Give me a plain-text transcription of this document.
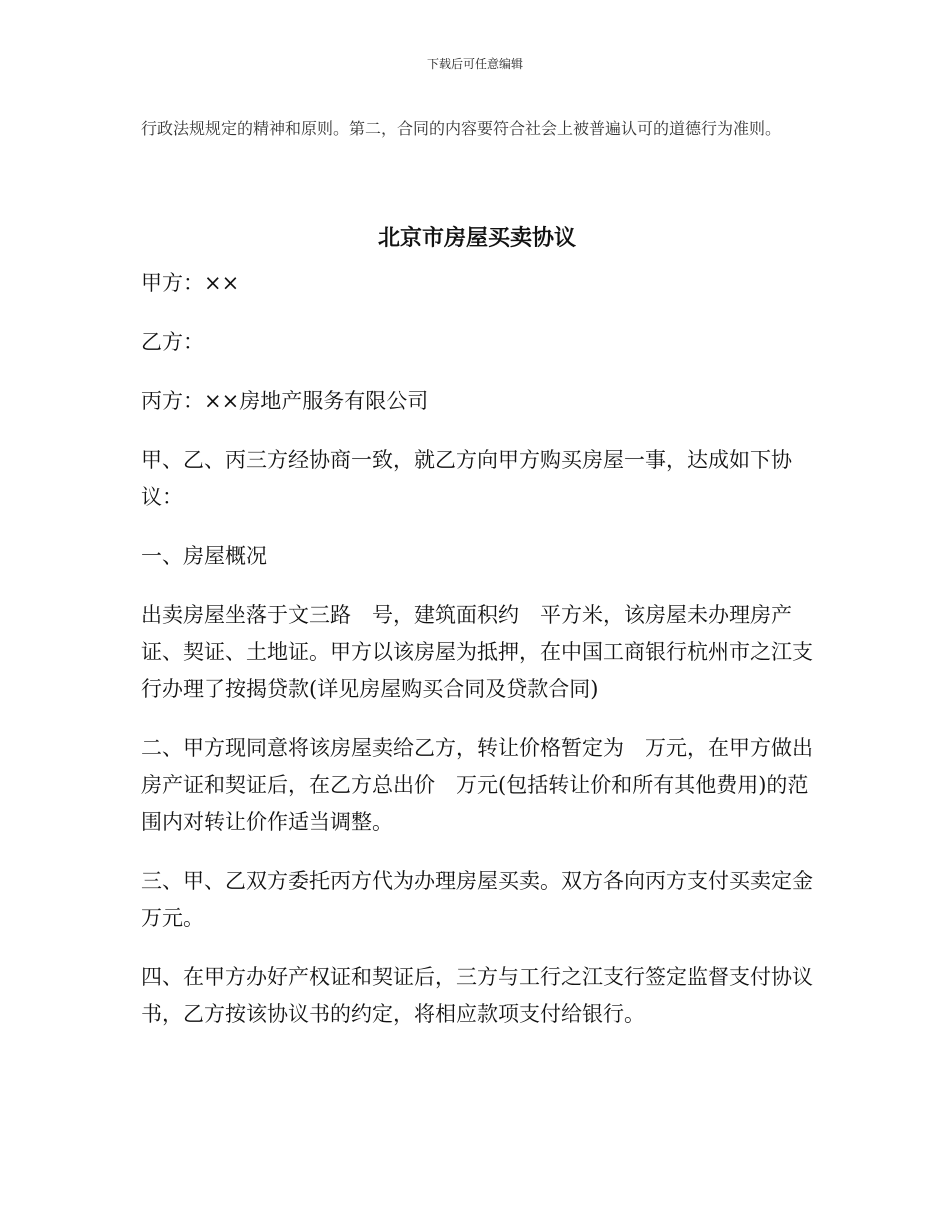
下载后可任意编辑

行政法规规定的精神和原则。第二，合同的内容要符合社会上被普遍认可的道德行为准则。

北京市房屋买卖协议

甲方：××

乙方：

丙方：××房地产服务有限公司

甲、乙、丙三方经协商一致，就乙方向甲方购买房屋一事，达成如下协议：

一、房屋概况

出卖房屋坐落于文三路　号，建筑面积约　平方米，该房屋未办理房产证、契证、土地证。甲方以该房屋为抵押，在中国工商银行杭州市之江支行办理了按揭贷款(详见房屋购买合同及贷款合同)

二、甲方现同意将该房屋卖给乙方，转让价格暂定为　万元，在甲方做出房产证和契证后，在乙方总出价　万元(包括转让价和所有其他费用)的范围内对转让价作适当调整。

三、甲、乙双方委托丙方代为办理房屋买卖。双方各向丙方支付买卖定金　万元。

四、在甲方办好产权证和契证后，三方与工行之江支行签定监督支付协议书，乙方按该协议书的约定，将相应款项支付给银行。
